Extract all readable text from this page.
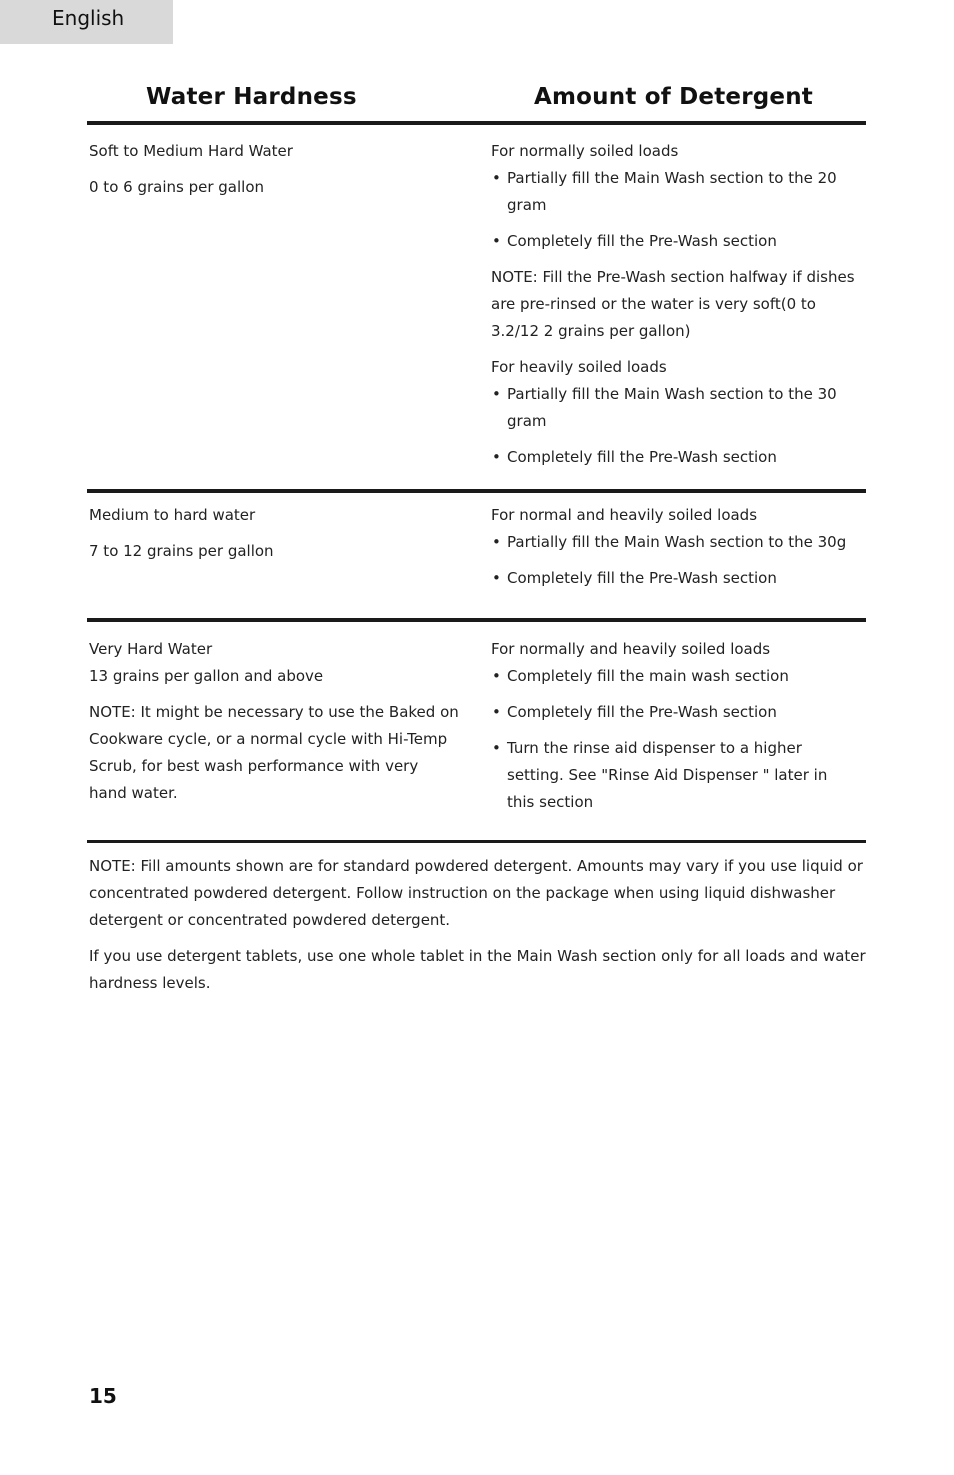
English
Water Hardness	Amount of Detergent

Soft to Medium Hard Water

0 to 6 grains per gallon

For normally soiled loads

• Partially fill the Main Wash section to the 20 gram
• Completely fill the Pre-Wash section

NOTE: Fill the Pre-Wash section halfway if dishes are pre-rinsed or the water is very soft(0 to 3.2/12 2 grains per gallon)

For heavily soiled loads

• Partially fill the Main Wash section to the 30 gram
• Completely fill the Pre-Wash section

Medium to hard water

7 to 12 grains per gallon

For normal and heavily soiled loads

• Partially fill the Main Wash section to the 30g
• Completely fill the Pre-Wash section

Very Hard Water

13 grains per gallon and above

NOTE: It might be necessary to use the Baked on Cookware cycle, or a normal cycle with Hi-Temp Scrub, for best wash performance with very hand water.

For normally and heavily soiled loads

• Completely fill the main wash section
• Completely fill the Pre-Wash section
• Turn the rinse aid dispenser to a higher setting. See "Rinse Aid Dispenser " later in this section

NOTE: Fill amounts shown are for standard powdered detergent. Amounts may vary if you use liquid or concentrated powdered detergent. Follow instruction on the package when using liquid dishwasher detergent or concentrated powdered detergent.

If you use detergent tablets, use one whole tablet in the Main Wash section only for all loads and water hardness levels.

15
